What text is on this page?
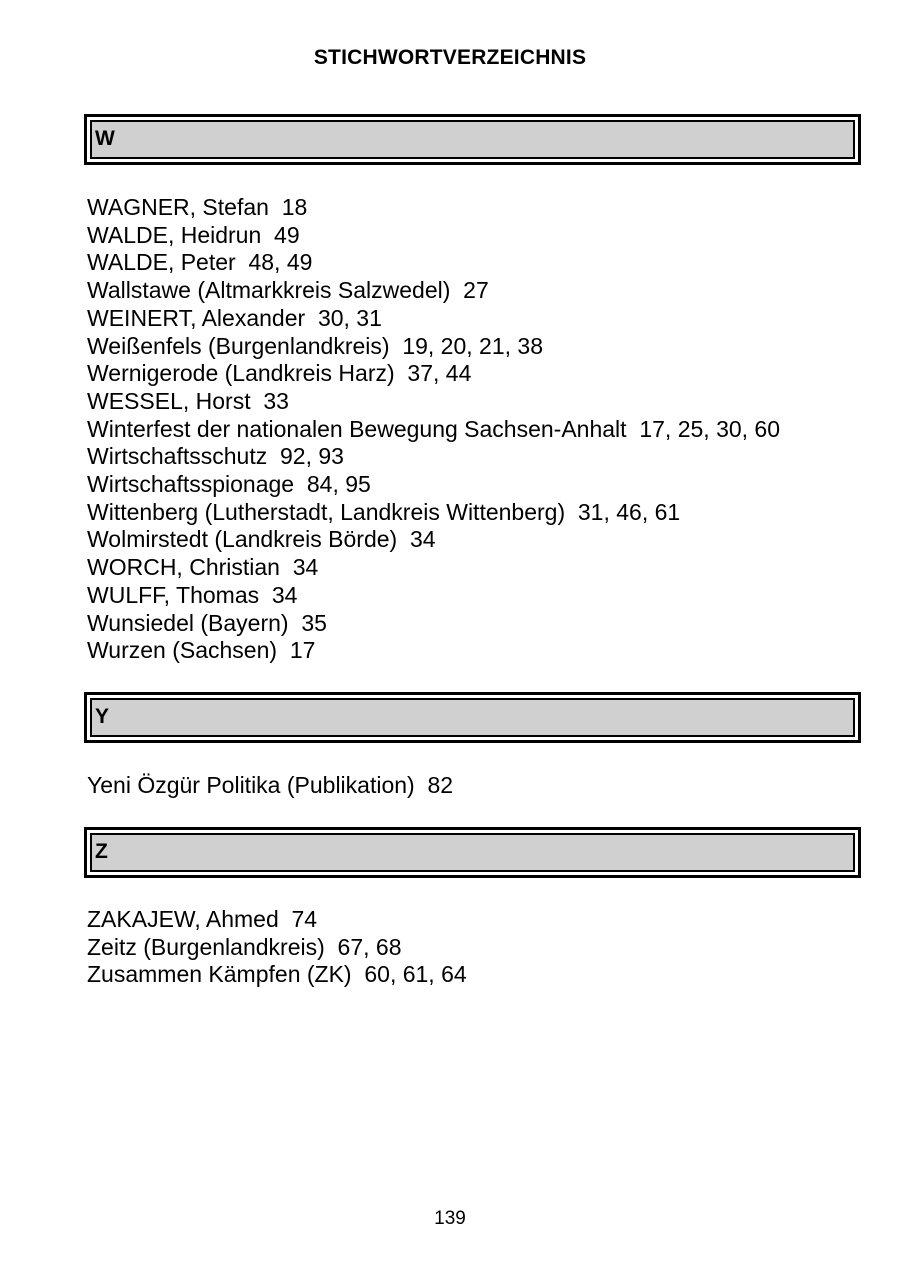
STICHWORTVERZEICHNIS
W
WAGNER, Stefan  18
WALDE, Heidrun  49
WALDE, Peter  48, 49
Wallstawe (Altmarkkreis Salzwedel)  27
WEINERT, Alexander  30, 31
Weißenfels (Burgenlandkreis)  19, 20, 21, 38
Wernigerode (Landkreis Harz)  37, 44
WESSEL, Horst  33
Winterfest der nationalen Bewegung Sachsen-Anhalt  17, 25, 30, 60
Wirtschaftsschutz  92, 93
Wirtschaftsspionage  84, 95
Wittenberg (Lutherstadt, Landkreis Wittenberg)  31, 46, 61
Wolmirstedt (Landkreis Börde)  34
WORCH, Christian  34
WULFF, Thomas  34
Wunsiedel (Bayern)  35
Wurzen (Sachsen)  17
Y
Yeni Özgür Politika (Publikation)  82
Z
ZAKAJEW, Ahmed  74
Zeitz (Burgenlandkreis)  67, 68
Zusammen Kämpfen (ZK)  60, 61, 64
139
